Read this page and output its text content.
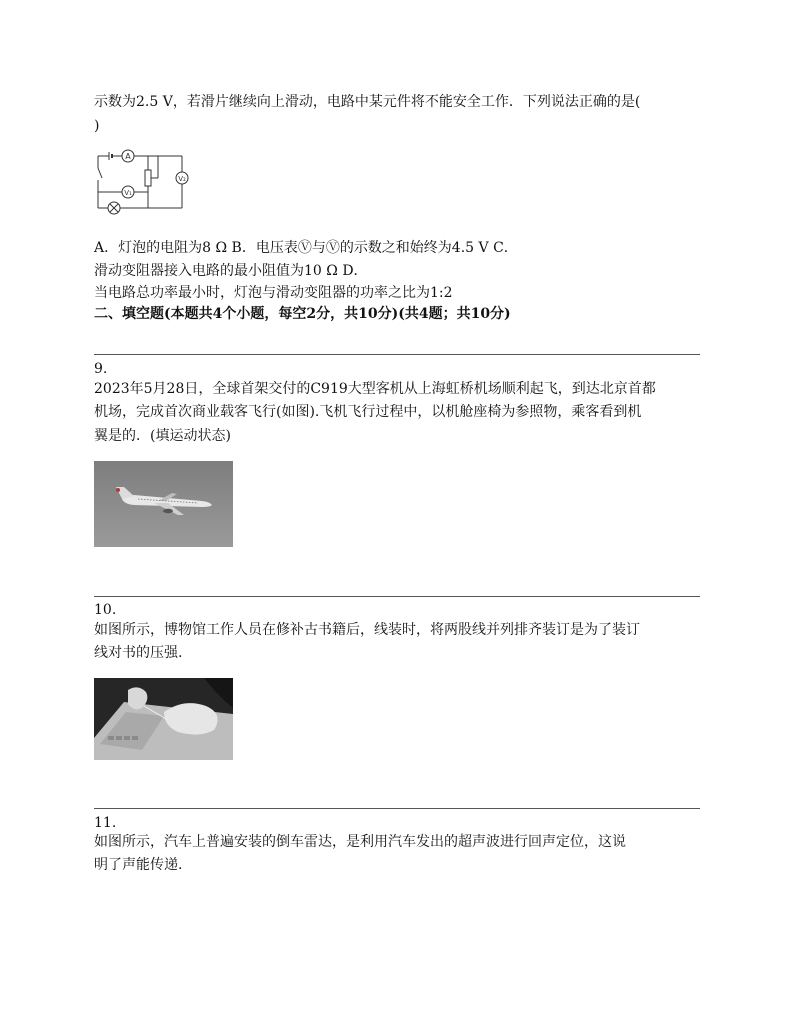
示数为2.5 V，若滑片继续向上滑动，电路中某元件将不能安全工作．下列说法正确的是(
)
A
V₁
V₂
A．灯泡的电阻为8 Ω B．电压表Ⓥ与Ⓥ的示数之和始终为4.5 V C．
滑动变阻器接入电路的最小阻值为10 Ω D．
当电路总功率最小时，灯泡与滑动变阻器的功率之比为1:2
二、填空题(本题共4个小题，每空2分，共10分)(共4题；共10分)
9.
2023年5月28日，全球首架交付的C919大型客机从上海虹桥机场顺利起飞，到达北京首都
机场，完成首次商业载客飞行(如图).飞机飞行过程中，以机舱座椅为参照物，乘客看到机
翼是的．(填运动状态)
10.
如图所示，博物馆工作人员在修补古书籍后，线装时，将两股线并列排齐装订是为了装订
线对书的压强.
11.
如图所示，汽车上普遍安装的倒车雷达，是利用汽车发出的超声波进行回声定位，这说
明了声能传递.
